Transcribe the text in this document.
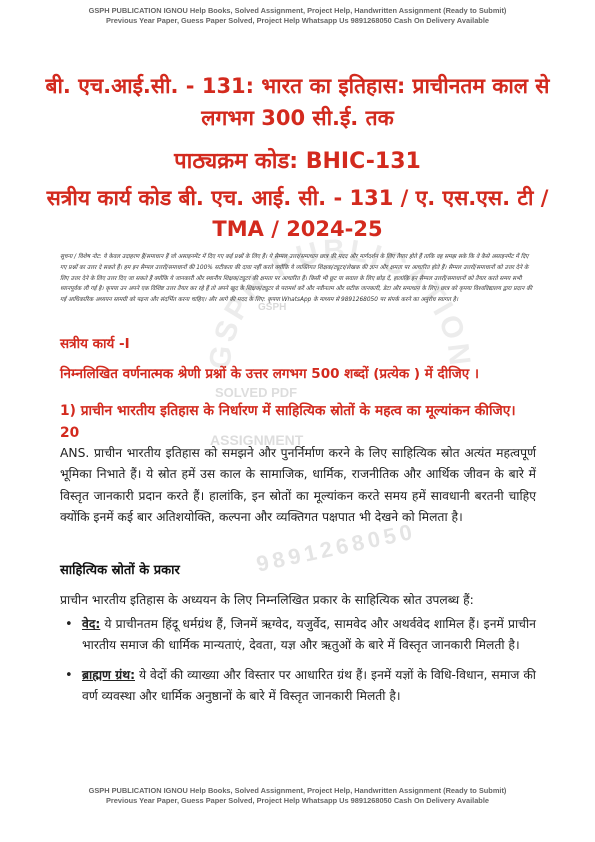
GSPH PUBLICATION
GSPH
SOLVED PDF
ASSIGNMENT
9891268050
GSPH PUBLICATION IGNOU Help Books, Solved Assignment, Project Help, Handwritten Assignment (Ready to Submit)
Previous Year Paper, Guess Paper Solved, Project Help Whatsapp Us 9891268050 Cash On Delivery Available
बी. एच.आई.सी. - 131: भारत का इतिहास: प्राचीनतम काल से लगभग 300 सी.ई. तक
पाठ्यक्रम कोड: BHIC-131
सत्रीय कार्य कोड बी. एच. आई. सी. - 131 / ए. एस.एस. टी / TMA / 2024-25

सूचना / विशेष नोट: ये केवल उदाहरण हैं/समाधान हैं जो असाइनमेंट में दिए गए कई प्रश्नों के लिए हैं। ये सैम्पल उत्तर/समाधान छात्र की मदद और मार्गदर्शन के लिए तैयार होते हैं ताकि वह समझ सके कि वे कैसे असाइनमेंट में दिए गए प्रश्नों का उत्तर दे सकते हैं। हम इन सैम्पल उत्तरों/समाधानों की 100% सटीकता की दावा नहीं करते क्योंकि ये व्यक्तिगत शिक्षक/ट्यूटर/लेखक की ज्ञान और क्षमता पर आधारित होते हैं। सैम्पल उत्तरों/समाधानों को उत्तर देने के लिए उत्तर देने के लिए उत्तर दिए जा सकते हैं क्योंकि ये जानकारी और स्थानीय शिक्षक/ट्यूटर की क्षमता पर आधारित हैं। किसी भी छूट या सवाल के लिए छोड़ दें, हालांकि इन सैम्पल उत्तरों/समाधानों को तैयार करते समय सभी ध्यानपूर्वक ली गई है। कृपया उन अपने एक विशिष्ट उत्तर तैयार कर रहे हैं तो अपने खुद के शिक्षक/ट्यूटर से परामर्श करें और नवीनतम और सटीक जानकारी, डेटा और समाधान के लिए। छात्र को कृपया विश्वविद्यालय द्वारा प्रदान की गई आधिकारिक अध्ययन सामग्री को पढ़ना और संदर्भित करना चाहिए। और आगे की मदद के लिए: कृपया WhatsApp के माध्यम से 9891268050 पर संपर्क करने का अनुरोध स्वागत है।

सत्रीय कार्य -I

निम्नलिखित वर्णनात्मक श्रेणी प्रश्नों के उत्तर लगभग 500 शब्दों (प्रत्येक ) में दीजिए ।

1) प्राचीन भारतीय इतिहास के निर्धारण में साहित्यिक स्रोतों के महत्व का मूल्यांकन कीजिए। 20

ANS. प्राचीन भारतीय इतिहास को समझने और पुनर्निर्माण करने के लिए साहित्यिक स्रोत अत्यंत महत्वपूर्ण भूमिका निभाते हैं। ये स्रोत हमें उस काल के सामाजिक, धार्मिक, राजनीतिक और आर्थिक जीवन के बारे में विस्तृत जानकारी प्रदान करते हैं। हालांकि, इन स्रोतों का मूल्यांकन करते समय हमें सावधानी बरतनी चाहिए क्योंकि इनमें कई बार अतिशयोक्ति, कल्पना और व्यक्तिगत पक्षपात भी देखने को मिलता है।

साहित्यिक स्रोतों के प्रकार

प्राचीन भारतीय इतिहास के अध्ययन के लिए निम्नलिखित प्रकार के साहित्यिक स्रोत उपलब्ध हैं:

• वेद: ये प्राचीनतम हिंदू धर्मग्रंथ हैं, जिनमें ऋग्वेद, यजुर्वेद, सामवेद और अथर्ववेद शामिल हैं। इनमें प्राचीन भारतीय समाज की धार्मिक मान्यताएं, देवता, यज्ञ और ऋतुओं के बारे में विस्तृत जानकारी मिलती है।
• ब्राह्मण ग्रंथ: ये वेदों की व्याख्या और विस्तार पर आधारित ग्रंथ हैं। इनमें यज्ञों के विधि-विधान, समाज की वर्ण व्यवस्था और धार्मिक अनुष्ठानों के बारे में विस्तृत जानकारी मिलती है।
GSPH PUBLICATION IGNOU Help Books, Solved Assignment, Project Help, Handwritten Assignment (Ready to Submit)
Previous Year Paper, Guess Paper Solved, Project Help Whatsapp Us 9891268050 Cash On Delivery Available
